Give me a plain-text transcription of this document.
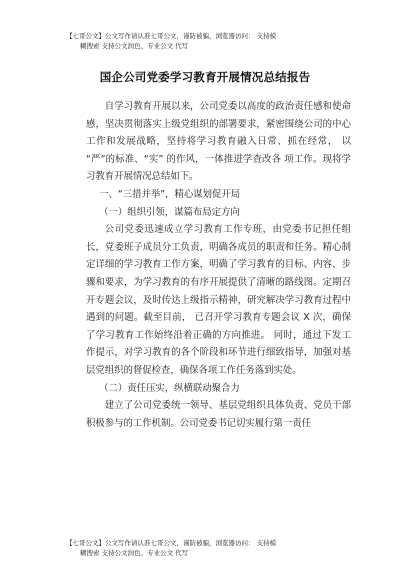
【七哥公文】公文写作请认准七哥公文，谨防被骗，浏览器访问： 支持模
糊搜索 支持公文润色、专业公文 代写
国企公司党委学习教育开展情况总结报告

自学习教育开展以来，公司党委以高度的政治责任感和使命感，坚决贯彻落实上级党组织的部署要求，紧密围绕公司的中心工作和发展战略，坚持将学习教育融入日常、抓在经常， 以 “严”的标准、“实” 的作风，一体推进学查改各 项工作。现将学习教育开展情况总结如下。

一、“三措并举”，精心谋划促开局

（一）组织引领，谋篇布局定方向

公司党委迅速成立学习教育工作专班，由党委书记担任组长，党委班子成员分工负责，明确各成员的职责和任务。精心制定详细的学习教育工作方案，明确了学习教育的目标、内容、步骤和要求，为学习教育的有序开展提供了清晰的路线图。定期召开专题会议，及时传达上级指示精神，研究解决学习教育过程中遇到的问题。截至目前， 已召开学习教育专题会议 X 次，确保了学习教育工作始终沿着正确的方向推进。 同时，通过下发工作提示，对学习教育的各个阶段和环节进行细致指导，加强对基层党组织的督促检查，确保各项工作任务落到实处。

（二）责任压实，纵横联动聚合力

建立了公司党委统一领导、基层党组织具体负责、党员干部积极参与的工作机制。公司党委书记切实履行第一责任

【七哥公文】公文写作请认准七哥公文，谨防被骗，浏览器访问： 支持模
糊搜索 支持公文润色、专业公文 代写
